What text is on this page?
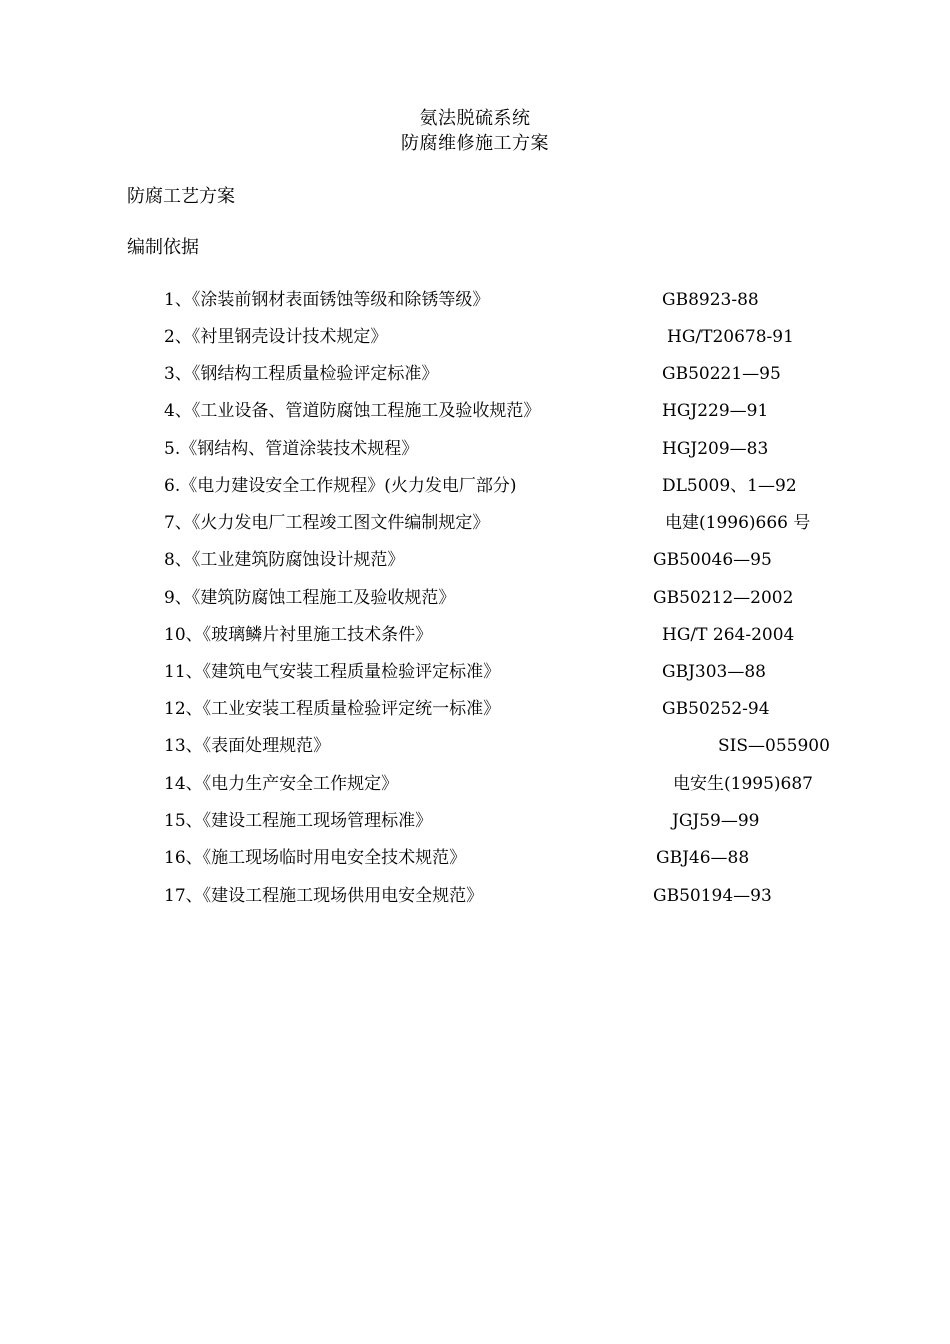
氨法脱硫系统
防腐维修施工方案
防腐工艺方案
编制依据
1、《涂装前钢材表面锈蚀等级和除锈等级》	GB8923-88
2、《衬里钢壳设计技术规定》	HG/T20678-91
3、《钢结构工程质量检验评定标准》	GB50221—95
4、《工业设备、管道防腐蚀工程施工及验收规范》	HGJ229—91
5.《钢结构、管道涂装技术规程》	HGJ209—83
6.《电力建设安全工作规程》(火力发电厂部分)	DL5009、1—92
7、《火力发电厂工程竣工图文件编制规定》	电建(1996)666 号
8、《工业建筑防腐蚀设计规范》	GB50046—95
9、《建筑防腐蚀工程施工及验收规范》	GB50212—2002
10、《玻璃鳞片衬里施工技术条件》	HG/T 264-2004
11、《建筑电气安装工程质量检验评定标准》	GBJ303—88
12、《工业安装工程质量检验评定统一标准》	GB50252-94
13、《表面处理规范》	SIS—055900
14、《电力生产安全工作规定》	电安生(1995)687
15、《建设工程施工现场管理标准》	JGJ59—99
16、《施工现场临时用电安全技术规范》	GBJ46—88
17、《建设工程施工现场供用电安全规范》	GB50194—93
